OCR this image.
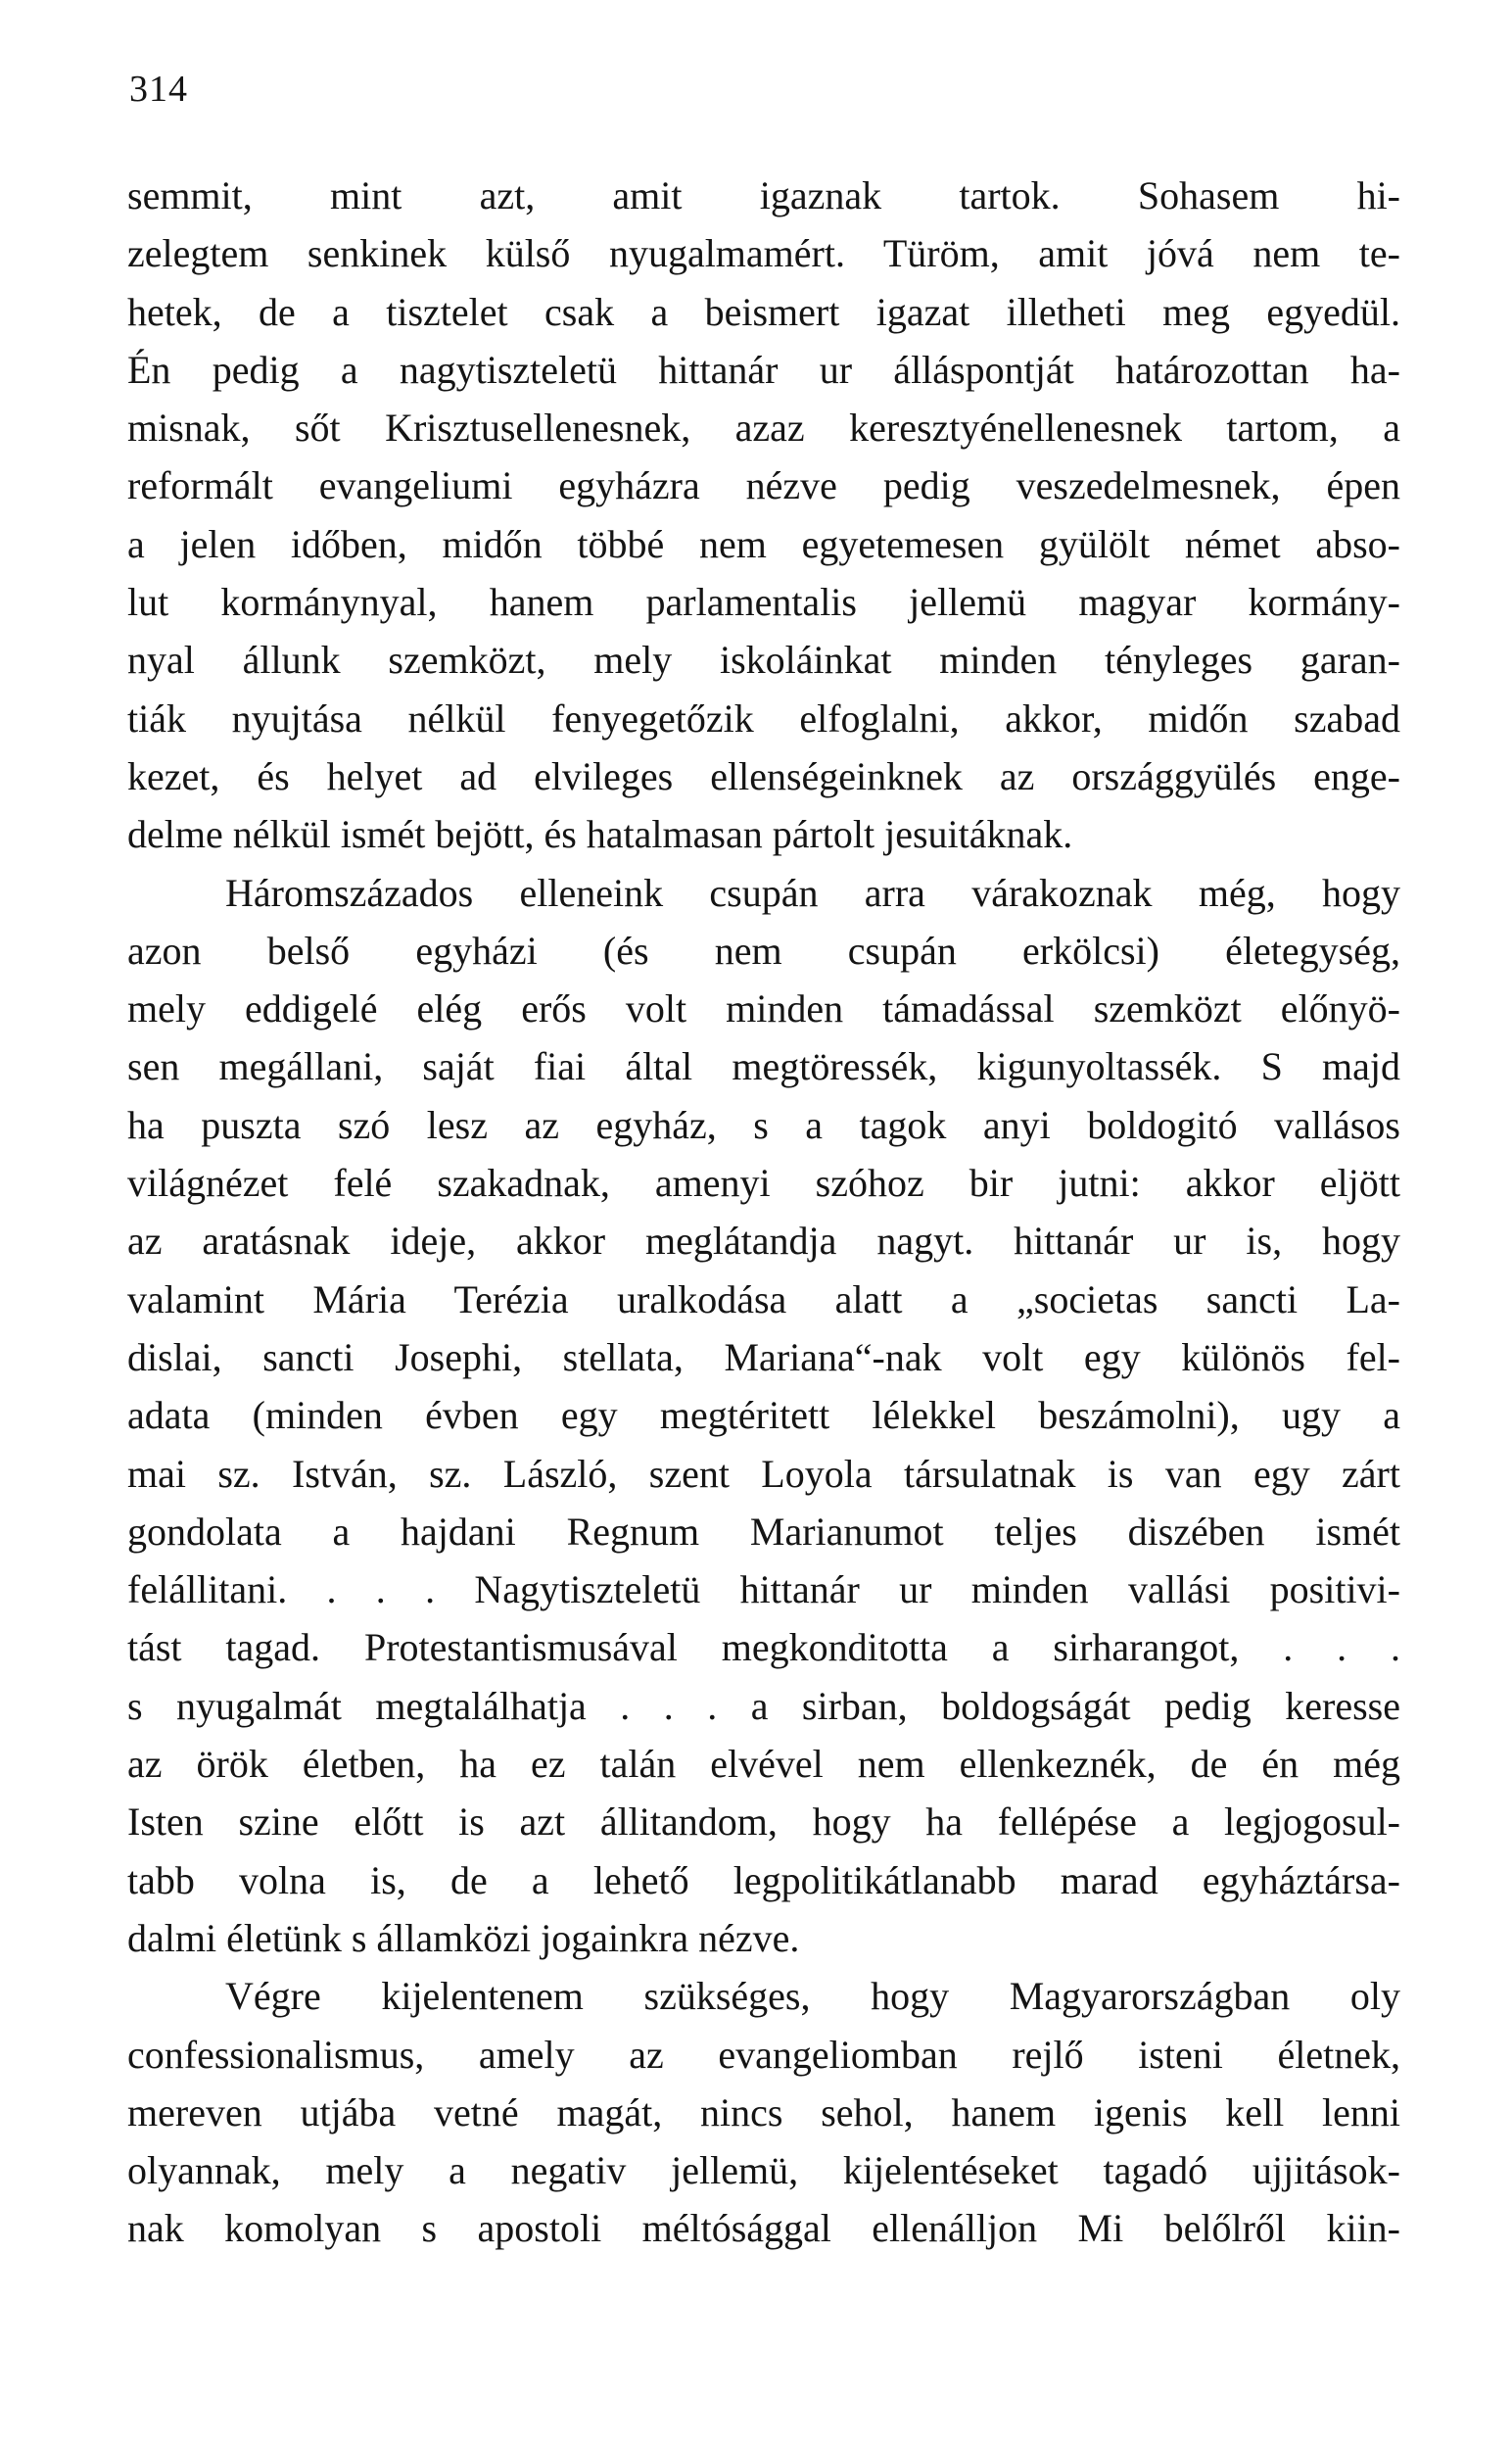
314
semmit, mint azt, amit igaznak tartok. Sohasem hi-
zelegtem senkinek külső nyugalmamért. Türöm, amit jóvá nem te-
hetek, de a tisztelet csak a beismert igazat illetheti meg egyedül.
Én pedig a nagytiszteletü hittanár ur álláspontját határozottan ha-
misnak, sőt Krisztusellenesnek, azaz keresztyénellenesnek tartom, a
reformált evangeliumi egyházra nézve pedig veszedelmesnek, épen
a jelen időben, midőn többé nem egyetemesen gyülölt német abso-
lut kormánynyal, hanem parlamentalis jellemü magyar kormány-
nyal állunk szemközt, mely iskoláinkat minden tényleges garan-
tiák nyujtása nélkül fenyegetőzik elfoglalni, akkor, midőn szabad
kezet, és helyet ad elvileges ellenségeinknek az országgyülés enge-
delme nélkül ismét bejött, és hatalmasan pártolt jesuitáknak.
Háromszázados elleneink csupán arra várakoznak még, hogy
azon belső egyházi (és nem csupán erkölcsi) életegység,
mely eddigelé elég erős volt minden támadással szemközt előnyö-
sen megállani, saját fiai által megtöressék, kigunyoltassék. S majd
ha puszta szó lesz az egyház, s a tagok anyi boldogitó vallásos
világnézet felé szakadnak, amenyi szóhoz bir jutni: akkor eljött
az aratásnak ideje, akkor meglátandja nagyt. hittanár ur is, hogy
valamint Mária Terézia uralkodása alatt a „societas sancti La-
dislai, sancti Josephi, stellata, Mariana“-nak volt egy különös fel-
adata (minden évben egy megtéritett lélekkel beszámolni), ugy a
mai sz. István, sz. László, szent Loyola társulatnak is van egy zárt
gondolata a hajdani Regnum Marianumot teljes diszében ismét
felállitani. . . . Nagytiszteletü hittanár ur minden vallási positivi-
tást tagad. Protestantismusával megkonditotta a sirharangot, . . .
s nyugalmát megtalálhatja . . . a sirban, boldogságát pedig keresse
az örök életben, ha ez talán elvével nem ellenkeznék, de én még
Isten szine előtt is azt állitandom, hogy ha fellépése a legjogosul-
tabb volna is, de a lehető legpolitikátlanabb marad egyháztársa-
dalmi életünk s államközi jogainkra nézve.
Végre kijelentenem szükséges, hogy Magyarországban oly
confessionalismus, amely az evangeliomban rejlő isteni életnek,
mereven utjába vetné magát, nincs sehol, hanem igenis kell lenni
olyannak, mely a negativ jellemü, kijelentéseket tagadó ujjitások-
nak komolyan s apostoli méltósággal ellenálljon Mi belőlről kiin-
